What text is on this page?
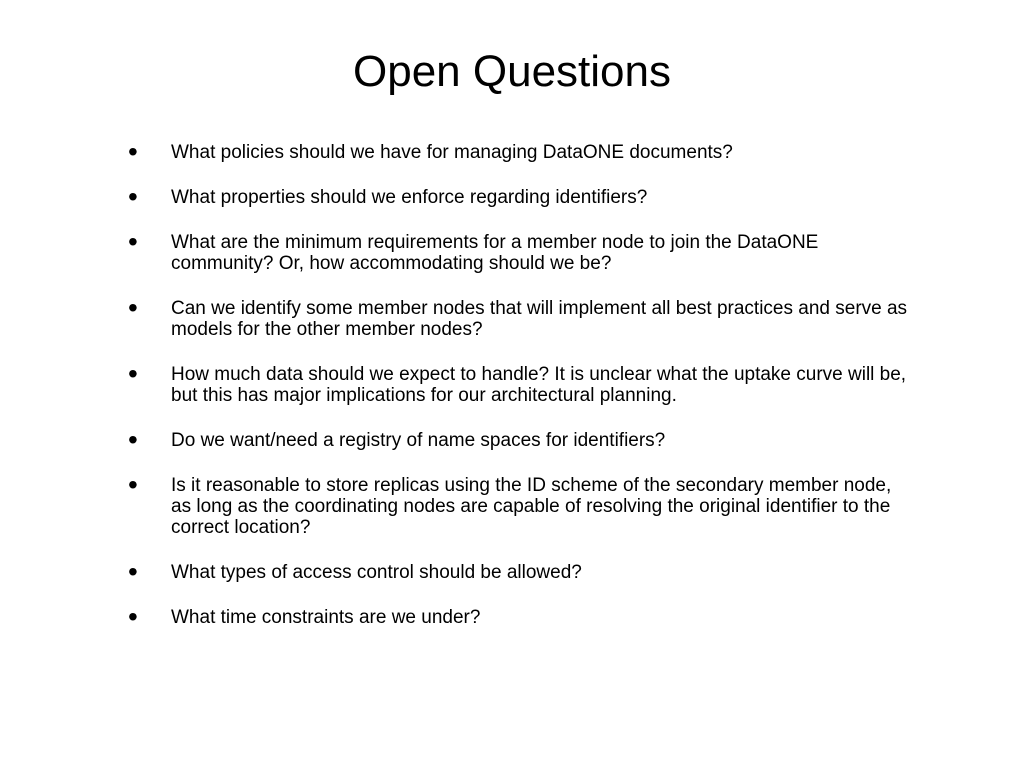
Open Questions
• What policies should we have for managing DataONE documents?
• What properties should we enforce regarding identifiers?
• What are the minimum requirements for a member node to join the DataONE community? Or, how accommodating should we be?
• Can we identify some member nodes that will implement all best practices and serve as models for the other member nodes?
• How much data should we expect to handle? It is unclear what the uptake curve will be, but this has major implications for our architectural planning.
• Do we want/need a registry of name spaces for identifiers?
• Is it reasonable to store replicas using the ID scheme of the secondary member node, as long as the coordinating nodes are capable of resolving the original identifier to the correct location?
• What types of access control should be allowed?
• What time constraints are we under?
